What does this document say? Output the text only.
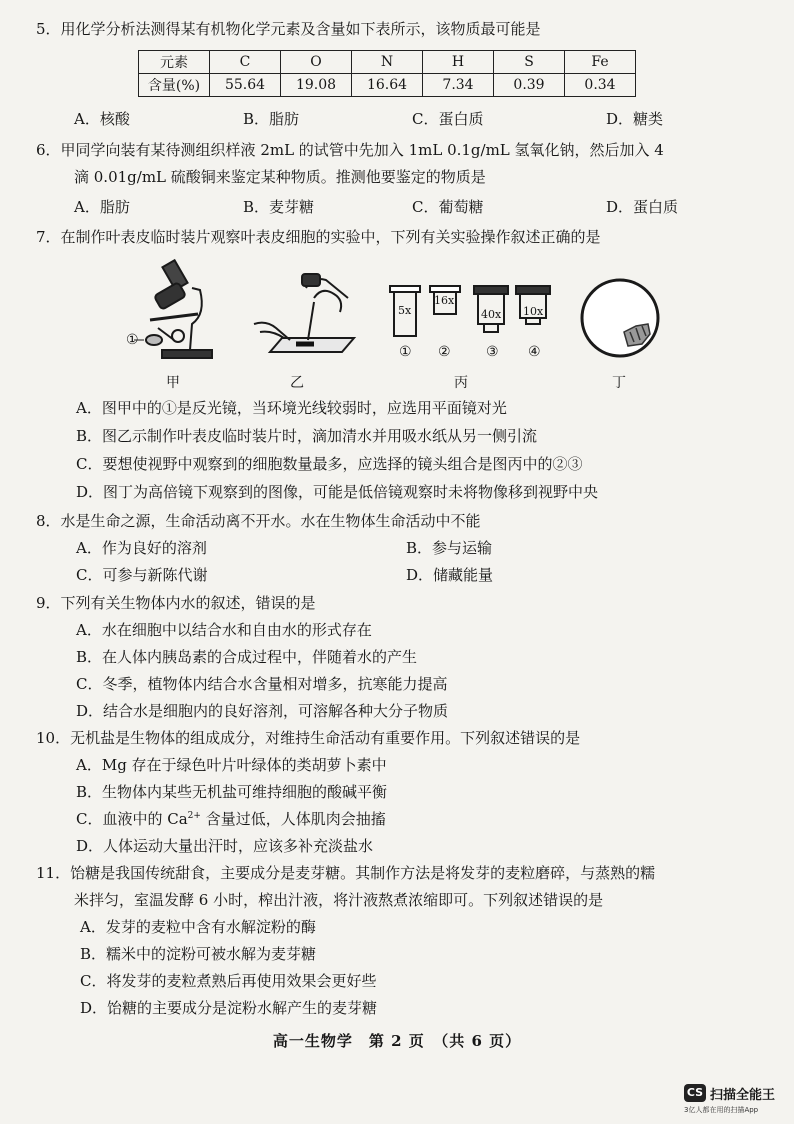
5．用化学分析法测得某有机物化学元素及含量如下表所示，该物质最可能是
元素	C	O	N	H	S	Fe
含量(%)	55.64	19.08	16.64	7.34	0.39	0.34
A．核酸	B．脂肪	C．蛋白质	D．糖类
6．甲同学向装有某待测组织样液 2mL 的试管中先加入 1mL 0.1g/mL 氢氧化钠，然后加入 4
滴 0.01g/mL 硫酸铜来鉴定某种物质。推测他要鉴定的物质是
A．脂肪	B．麦芽糖	C．葡萄糖	D．蛋白质
7．在制作叶表皮临时装片观察叶表皮细胞的实验中，下列有关实验操作叙述正确的是
①
甲	乙
5x
16x
40x 10x
① ②	③ ④
丙	丁
A．图甲中的①是反光镜，当环境光线较弱时，应选用平面镜对光
B．图乙示制作叶表皮临时装片时，滴加清水并用吸水纸从另一侧引流
C．要想使视野中观察到的细胞数量最多，应选择的镜头组合是图丙中的②③
D．图丁为高倍镜下观察到的图像，可能是低倍镜观察时未将物像移到视野中央
8．水是生命之源，生命活动离不开水。水在生物体生命活动中不能
A．作为良好的溶剂	B．参与运输
C．可参与新陈代谢	D．储藏能量
9．下列有关生物体内水的叙述，错误的是
A．水在细胞中以结合水和自由水的形式存在
B．在人体内胰岛素的合成过程中，伴随着水的产生
C．冬季，植物体内结合水含量相对增多，抗寒能力提高
D．结合水是细胞内的良好溶剂，可溶解各种大分子物质
10．无机盐是生物体的组成成分，对维持生命活动有重要作用。下列叙述错误的是
A．Mg 存在于绿色叶片叶绿体的类胡萝卜素中
B．生物体内某些无机盐可维持细胞的酸碱平衡
C．血液中的 $Ca^{2+}$ 含量过低，人体肌肉会抽搐
D．人体运动大量出汗时，应该多补充淡盐水
11．饴糖是我国传统甜食，主要成分是麦芽糖。其制作方法是将发芽的麦粒磨碎，与蒸熟的糯
米拌匀，室温发酵 6 小时，榨出汁液，将汁液熬煮浓缩即可。下列叙述错误的是
A．发芽的麦粒中含有水解淀粉的酶
B．糯米中的淀粉可被水解为麦芽糖
C．将发芽的麦粒煮熟后再使用效果会更好些
D．饴糖的主要成分是淀粉水解产生的麦芽糖
高一生物学　第 2 页　（共 6 页）
CS 扫描全能王
3亿人都在用的扫描App
